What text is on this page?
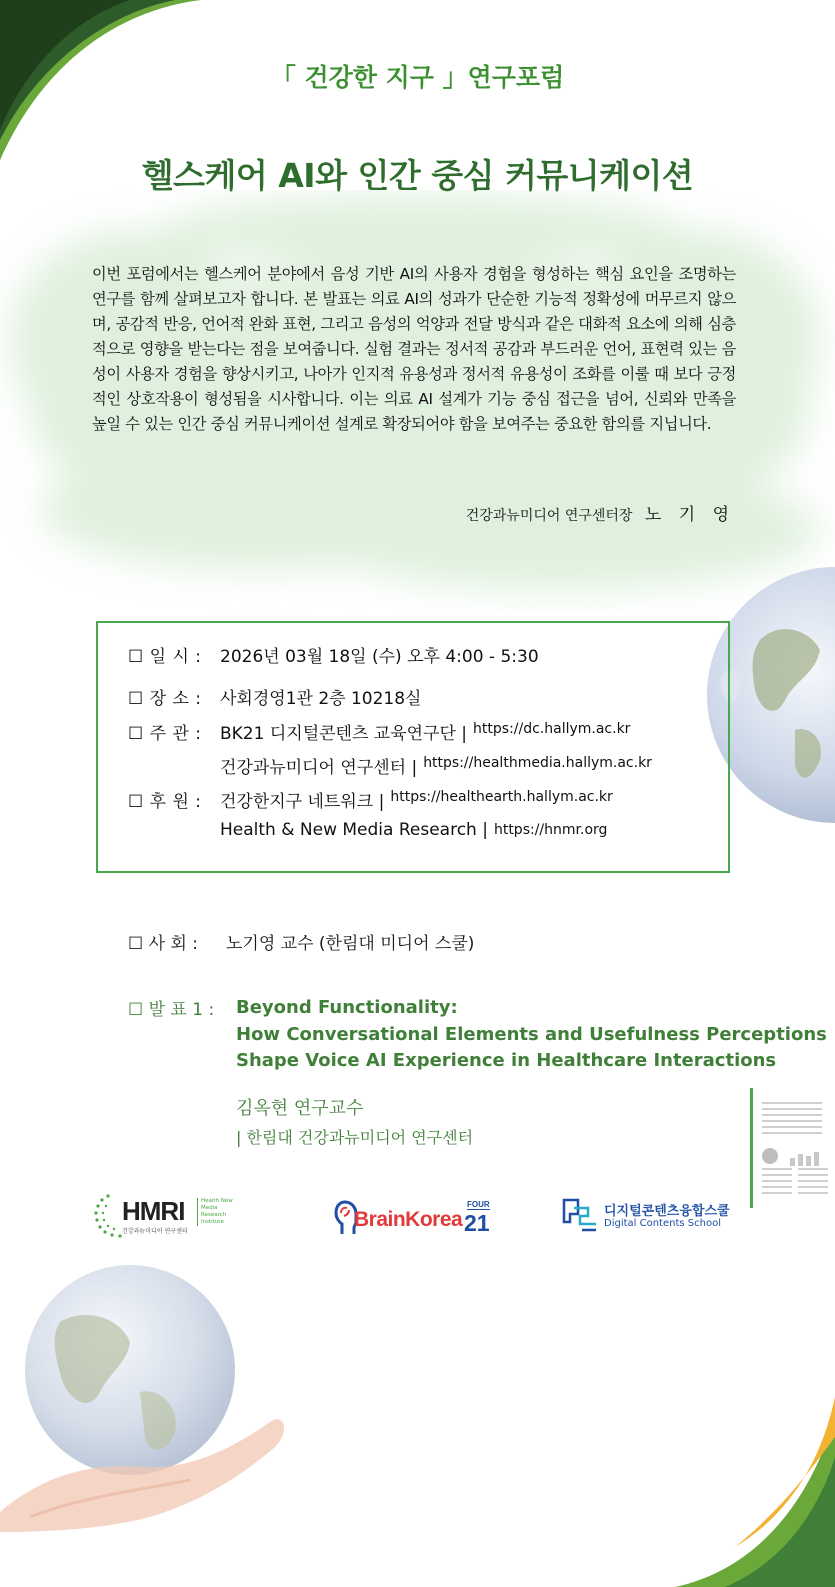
「 건강한 지구 」연구포럼
헬스케어 AI와 인간 중심 커뮤니케이션
이번 포럼에서는 헬스케어 분야에서 음성 기반 AI의 사용자 경험을 형성하는 핵심 요인을 조명하는 연구를 함께 살펴보고자 합니다. 본 발표는 의료 AI의 성과가 단순한 기능적 정확성에 머무르지 않으며, 공감적 반응, 언어적 완화 표현, 그리고 음성의 억양과 전달 방식과 같은 대화적 요소에 의해 심층적으로 영향을 받는다는 점을 보여줍니다. 실험 결과는 정서적 공감과 부드러운 언어, 표현력 있는 음성이 사용자 경험을 향상시키고, 나아가 인지적 유용성과 정서적 유용성이 조화를 이룰 때 보다 긍정적인 상호작용이 형성됨을 시사합니다. 이는 의료 AI 설계가 기능 중심 접근을 넘어, 신뢰와 만족을 높일 수 있는 인간 중심 커뮤니케이션 설계로 확장되어야 함을 보여주는 중요한 함의를 지닙니다.
건강과뉴미디어 연구센터장 노 기 영
☐ 일 시 :	2026년 03월 18일 (수) 오후 4:00 - 5:30
☐ 장 소 :	사회경영1관 2층 10218실
☐ 주 관 :	BK21 디지털콘텐츠 교육연구단 | https://dc.hallym.ac.kr
건강과뉴미디어 연구센터 | https://healthmedia.hallym.ac.kr
☐ 후 원 :	건강한지구 네트워크 | https://healthearth.hallym.ac.kr
Health & New Media Research | https://hnmr.org
☐ 사 회 :	노기영 교수 (한림대 미디어 스쿨)
☐ 발 표 1 : Beyond Functionality:
How Conversational Elements and Usefulness Perceptions
Shape Voice AI Experience in Healthcare Interactions
김옥현 연구교수
| 한림대 건강과뉴미디어 연구센터
HMRI
건강과뉴미디어 연구센터
Health New Media Research Institute	BrainKorea 21
FOUR	디지털콘텐츠융합스쿨
Digital Contents School
